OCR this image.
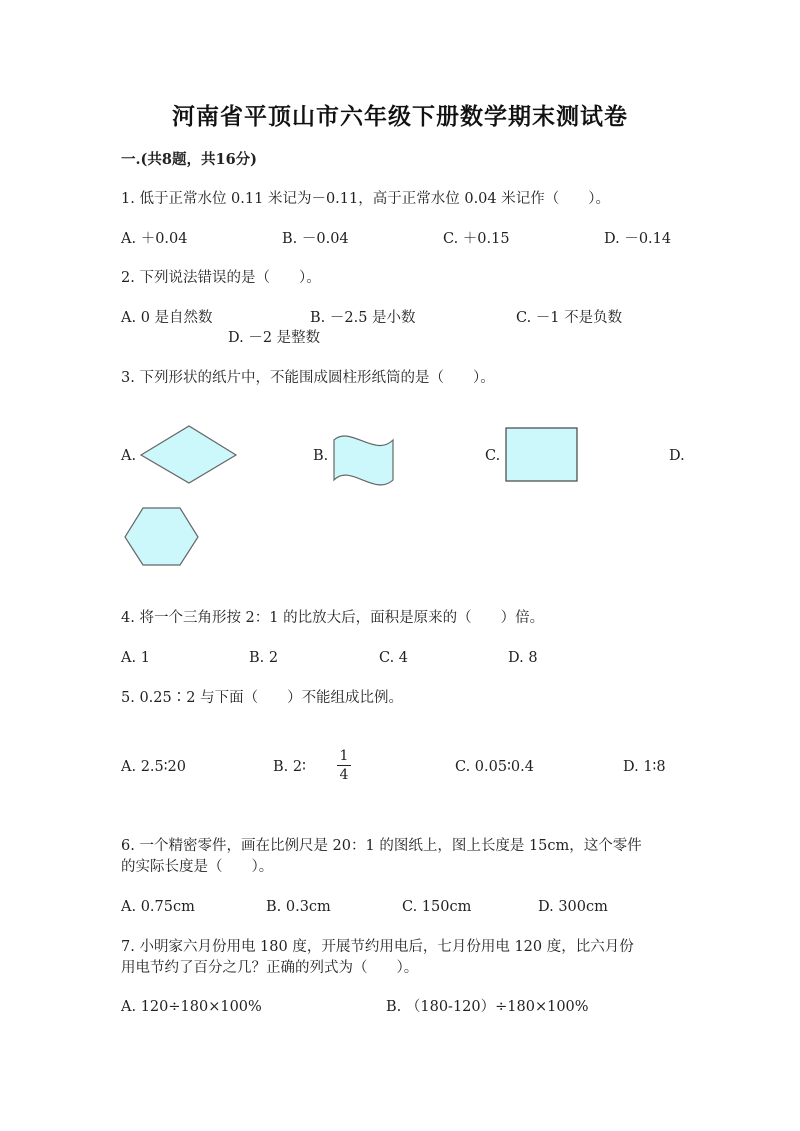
河南省平顶山市六年级下册数学期末测试卷
一.(共8题，共16分)
1. 低于正常水位 0.11 米记为－0.11，高于正常水位 0.04 米记作（　　）。
A. ＋0.04	B. －0.04	C. ＋0.15	D. －0.14
2. 下列说法错误的是（　　）。
A. 0 是自然数	B. －2.5 是小数	C. －1 不是负数
D. －2 是整数
3. 下列形状的纸片中，不能围成圆柱形纸筒的是（　　）。
A.	B.	C.	D.
4. 将一个三角形按 2：1 的比放大后，面积是原来的（　　）倍。
A. 1	B. 2	C. 4	D. 8
5. 0.25∶2 与下面（　　）不能组成比例。
A. 2.5∶20	B. 2∶
1
4	C. 0.05∶0.4	D. 1∶8
6. 一个精密零件，画在比例尺是 20：1 的图纸上，图上长度是 15cm，这个零件
的实际长度是（　　）。
A. 0.75cm	B. 0.3cm	C. 150cm	D. 300cm
7. 小明家六月份用电 180 度，开展节约用电后，七月份用电 120 度，比六月份
用电节约了百分之几？正确的列式为（　　）。
A. 120÷180×100%	B. （180-120）÷180×100%
